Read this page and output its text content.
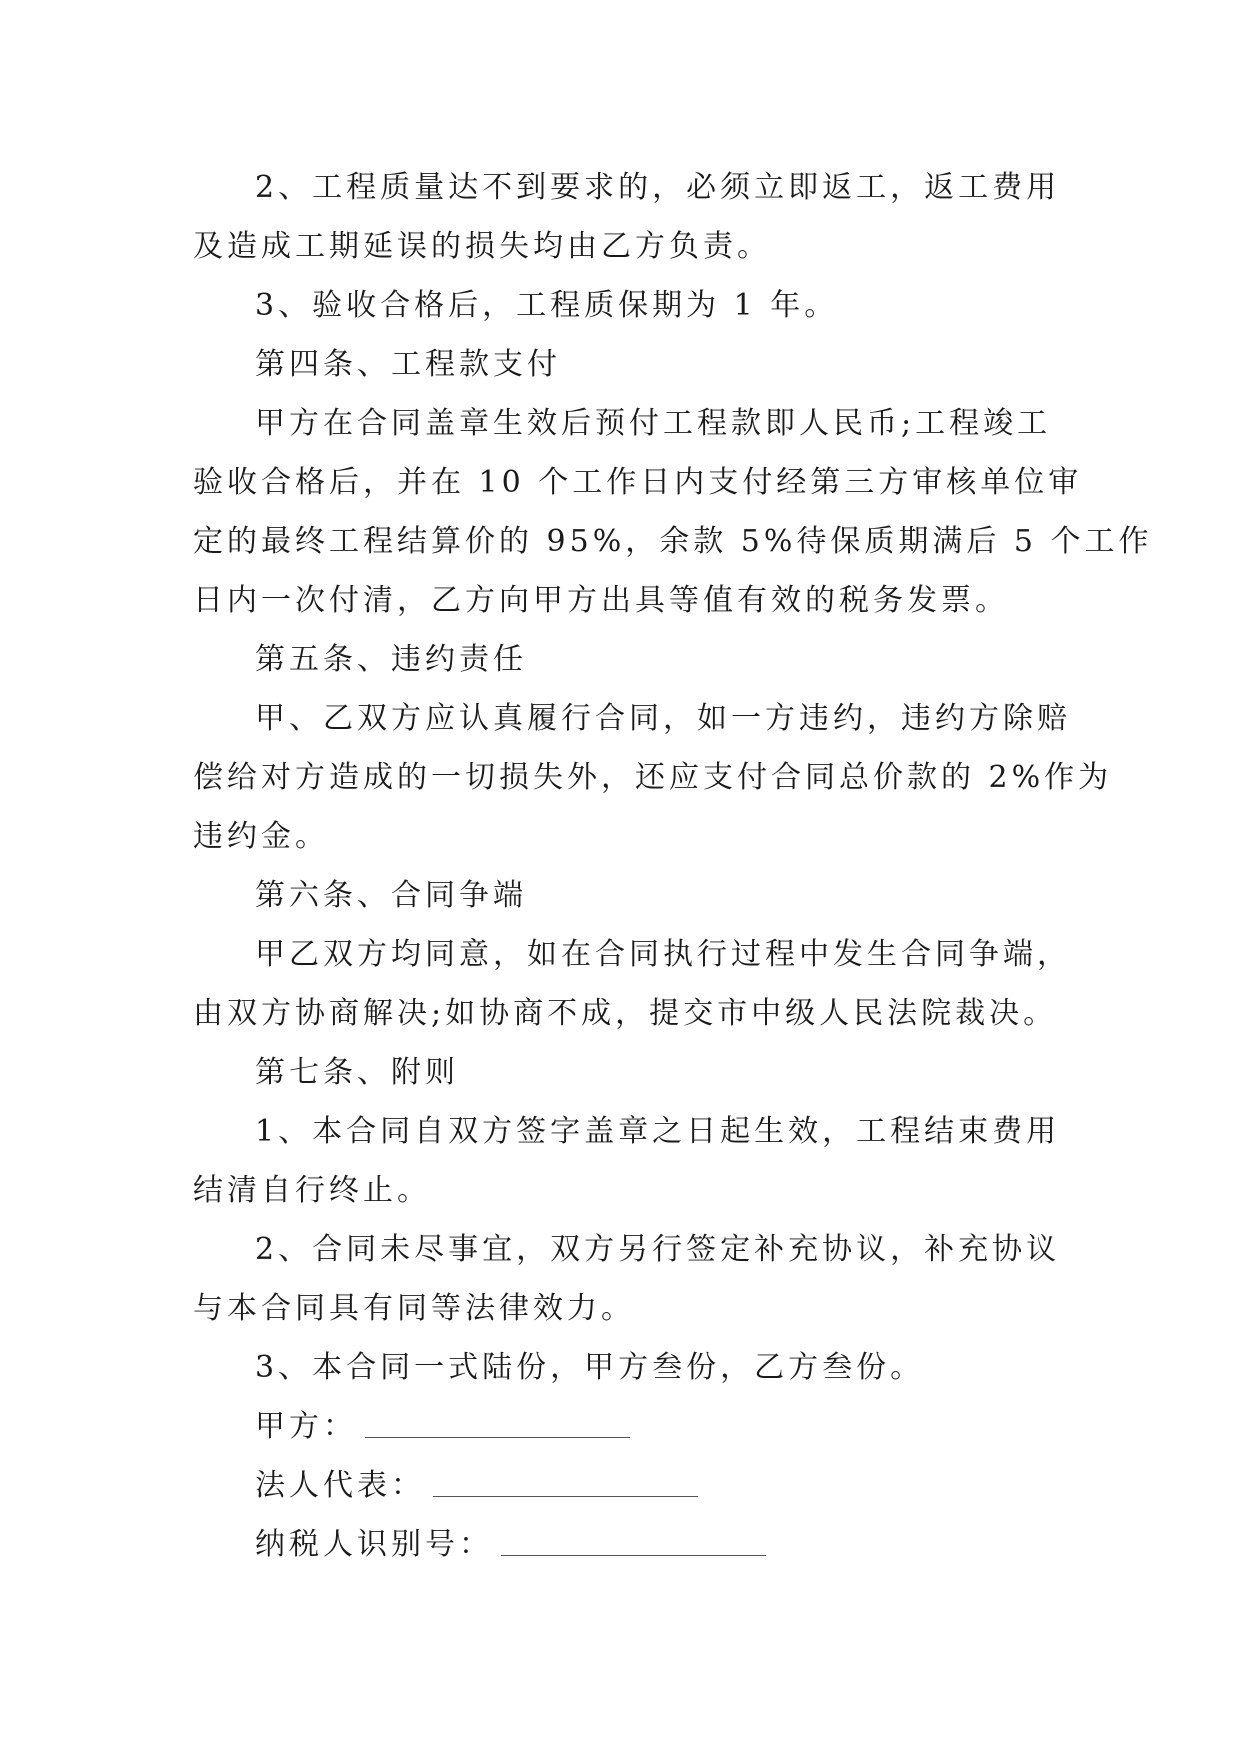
2、工程质量达不到要求的，必须立即返工，返工费用
及造成工期延误的损失均由乙方负责。
3、验收合格后，工程质保期为 1 年。
第四条、工程款支付
甲方在合同盖章生效后预付工程款即人民币;工程竣工
验收合格后，并在 10 个工作日内支付经第三方审核单位审
定的最终工程结算价的 95%，余款 5%待保质期满后 5 个工作
日内一次付清，乙方向甲方出具等值有效的税务发票。
第五条、违约责任
甲、乙双方应认真履行合同，如一方违约，违约方除赔
偿给对方造成的一切损失外，还应支付合同总价款的 2%作为
违约金。
第六条、合同争端
甲乙双方均同意，如在合同执行过程中发生合同争端，
由双方协商解决;如协商不成，提交市中级人民法院裁决。
第七条、附则
1、本合同自双方签字盖章之日起生效，工程结束费用
结清自行终止。
2、合同未尽事宜，双方另行签定补充协议，补充协议
与本合同具有同等法律效力。
3、本合同一式陆份，甲方叁份，乙方叁份。
甲方：
法人代表：
纳税人识别号：
